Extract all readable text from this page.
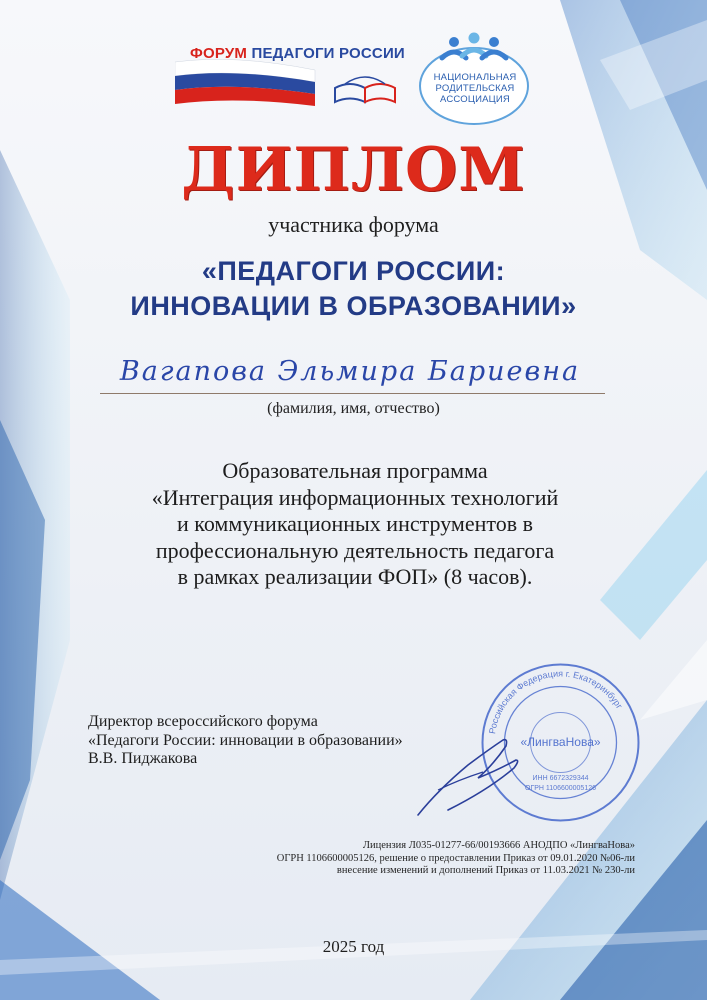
ФОРУМ ПЕДАГОГИ РОССИИ
НАЦИОНАЛЬНАЯ
РОДИТЕЛЬСКАЯ
АССОЦИАЦИЯ
ДИПЛОМ
участника форума
«ПЕДАГОГИ РОССИИ:
ИННОВАЦИИ В ОБРАЗОВАНИИ»
Вагапова Эльмира Бариевна
(фамилия, имя, отчество)
Образовательная программа
«Интеграция информационных технологий
и коммуникационных инструментов в
профессиональную деятельность педагога
в рамках реализации ФОП» (8 часов).
Директор всероссийского форума
«Педагоги России: инновации в образовании»
В.В. Пиджакова
Российская Федерация г. Екатеринбург
«ЛингваНова»
ИНН 6672329344
ОГРН 1106600005126
Лицензия Л035-01277-66/00193666 АНОДПО «ЛингваНова»
ОГРН 1106600005126, решение о предоставлении Приказ от 09.01.2020 №06-ли
внесение изменений и дополнений Приказ от 11.03.2021 № 230-ли
2025 год
